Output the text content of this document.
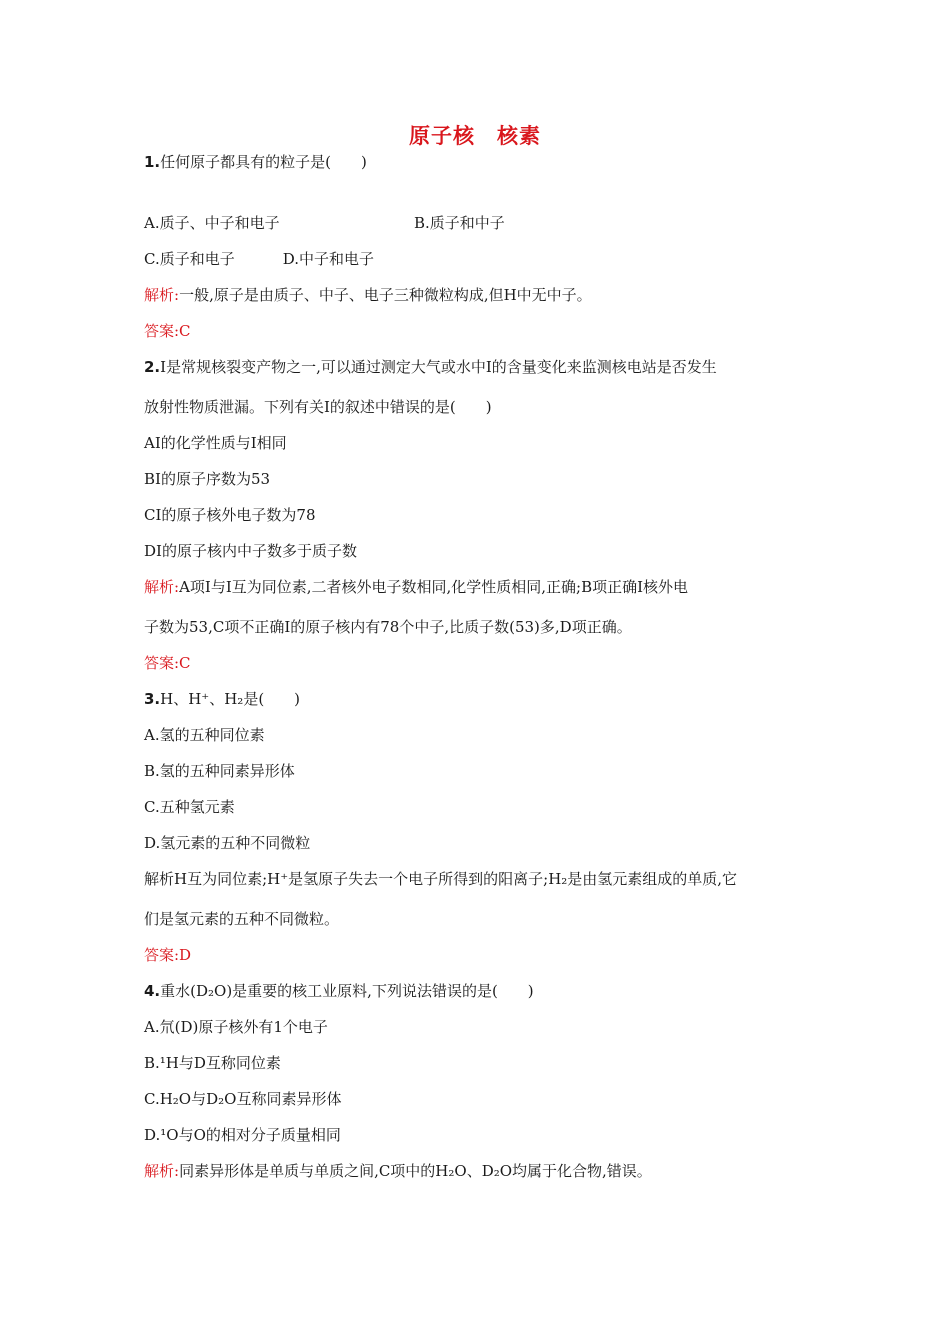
原子核　核素
1.任何原子都具有的粒子是(　　)
A.质子、中子和电子	B.质子和中子
C.质子和电子	D.中子和电子
解析:一般,原子是由质子、中子、电子三种微粒构成,但H中无中子。
答案:C
2.I是常规核裂变产物之一,可以通过测定大气或水中I的含量变化来监测核电站是否发生
放射性物质泄漏。下列有关I的叙述中错误的是(　　)
AI的化学性质与I相同
BI的原子序数为53
CI的原子核外电子数为78
DI的原子核内中子数多于质子数
解析:A项I与I互为同位素,二者核外电子数相同,化学性质相同,正确;B项正确I核外电
子数为53,C项不正确I的原子核内有78个中子,比质子数(53)多,D项正确。
答案:C
3.H、H⁺、H₂是(　　)
A.氢的五种同位素
B.氢的五种同素异形体
C.五种氢元素
D.氢元素的五种不同微粒
解析H互为同位素;H⁺是氢原子失去一个电子所得到的阳离子;H₂是由氢元素组成的单质,它
们是氢元素的五种不同微粒。
答案:D
4.重水(D₂O)是重要的核工业原料,下列说法错误的是(　　)
A.氘(D)原子核外有1个电子
B.¹H与D互称同位素
C.H₂O与D₂O互称同素异形体
D.¹O与O的相对分子质量相同
解析:同素异形体是单质与单质之间,C项中的H₂O、D₂O均属于化合物,错误。
